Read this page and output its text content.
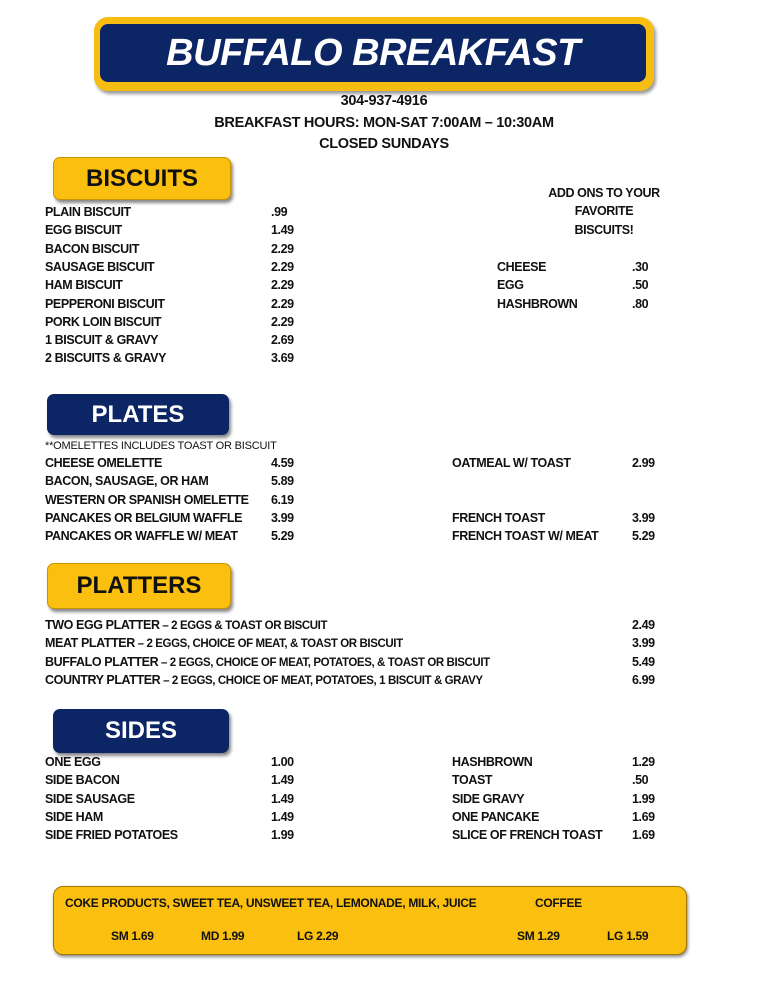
BUFFALO BREAKFAST
304-937-4916
BREAKFAST HOURS: MON-SAT 7:00AM – 10:30AM
CLOSED SUNDAYS
BISCUITS
PLATES
**OMELETTES INCLUDES TOAST OR BISCUIT
PLATTERS
SIDES
PLAIN BISCUIT	.99
EGG BISCUIT	1.49
BACON BISCUIT	2.29
SAUSAGE BISCUIT	2.29
HAM BISCUIT	2.29
PEPPERONI BISCUIT	2.29
PORK LOIN BISCUIT	2.29
1 BISCUIT & GRAVY	2.69
2 BISCUITS & GRAVY	3.69
ADD ONS TO YOUR
FAVORITE
BISCUITS!
CHEESE	.30
EGG	.50
HASHBROWN	.80
CHEESE OMELETTE	4.59
BACON, SAUSAGE, OR HAM	5.89
WESTERN OR SPANISH OMELETTE 6.19
PANCAKES OR BELGIUM WAFFLE 3.99
PANCAKES OR WAFFLE W/ MEAT	5.29
OATMEAL W/ TOAST	2.99
FRENCH TOAST	3.99
FRENCH TOAST W/ MEAT	5.29
TWO EGG PLATTER – 2 EGGS & TOAST OR BISCUIT	2.49
MEAT PLATTER – 2 EGGS, CHOICE OF MEAT, & TOAST OR BISCUIT	3.99
BUFFALO PLATTER – 2 EGGS, CHOICE OF MEAT, POTATOES, & TOAST OR BISCUIT	5.49
COUNTRY PLATTER – 2 EGGS, CHOICE OF MEAT, POTATOES, 1 BISCUIT & GRAVY	6.99
ONE EGG	1.00
SIDE BACON	1.49
SIDE SAUSAGE	1.49
SIDE HAM	1.49
SIDE FRIED POTATOES	1.99
HASHBROWN	1.29
TOAST	.50
SIDE GRAVY	1.99
ONE PANCAKE	1.69
SLICE OF FRENCH TOAST 1.69
COKE PRODUCTS, SWEET TEA, UNSWEET TEA, LEMONADE, MILK, JUICE
SM 1.69	MD 1.99	LG 2.29
COFFEE
SM 1.29	LG 1.59
